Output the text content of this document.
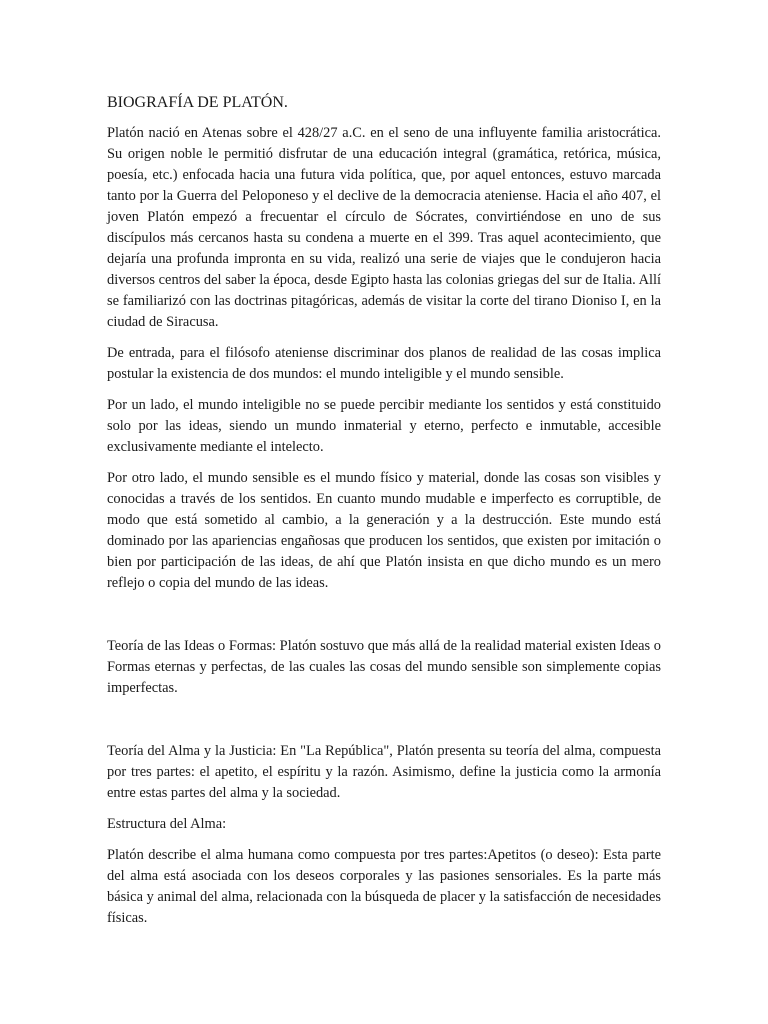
BIOGRAFÍA DE PLATÓN.

Platón nació en Atenas sobre el 428/27 a.C. en el seno de una influyente familia aristocrática. Su origen noble le permitió disfrutar de una educación integral (gramática, retórica, música, poesía, etc.) enfocada hacia una futura vida política, que, por aquel entonces, estuvo marcada tanto por la Guerra del Peloponeso y el declive de la democracia ateniense. Hacia el año 407, el joven Platón empezó a frecuentar el círculo de Sócrates, convirtiéndose en uno de sus discípulos más cercanos hasta su condena a muerte en el 399. Tras aquel acontecimiento, que dejaría una profunda impronta en su vida, realizó una serie de viajes que le condujeron hacia diversos centros del saber la época, desde Egipto hasta las colonias griegas del sur de Italia. Allí se familiarizó con las doctrinas pitagóricas, además de visitar la corte del tirano Dioniso I, en la ciudad de Siracusa.

De entrada, para el filósofo ateniense discriminar dos planos de realidad de las cosas implica postular la existencia de dos mundos: el mundo inteligible y el mundo sensible.

Por un lado, el mundo inteligible no se puede percibir mediante los sentidos y está constituido solo por las ideas, siendo un mundo inmaterial y eterno, perfecto e inmutable, accesible exclusivamente mediante el intelecto.

Por otro lado, el mundo sensible es el mundo físico y material, donde las cosas son visibles y conocidas a través de los sentidos. En cuanto mundo mudable e imperfecto es corruptible, de modo que está sometido al cambio, a la generación y a la destrucción. Este mundo está dominado por las apariencias engañosas que producen los sentidos, que existen por imitación o bien por participación de las ideas, de ahí que Platón insista en que dicho mundo es un mero reflejo o copia del mundo de las ideas.

Teoría de las Ideas o Formas: Platón sostuvo que más allá de la realidad material existen Ideas o Formas eternas y perfectas, de las cuales las cosas del mundo sensible son simplemente copias imperfectas.

Teoría del Alma y la Justicia: En "La República", Platón presenta su teoría del alma, compuesta por tres partes: el apetito, el espíritu y la razón. Asimismo, define la justicia como la armonía entre estas partes del alma y la sociedad.

Estructura del Alma:

Platón describe el alma humana como compuesta por tres partes:Apetitos (o deseo): Esta parte del alma está asociada con los deseos corporales y las pasiones sensoriales. Es la parte más básica y animal del alma, relacionada con la búsqueda de placer y la satisfacción de necesidades físicas.
